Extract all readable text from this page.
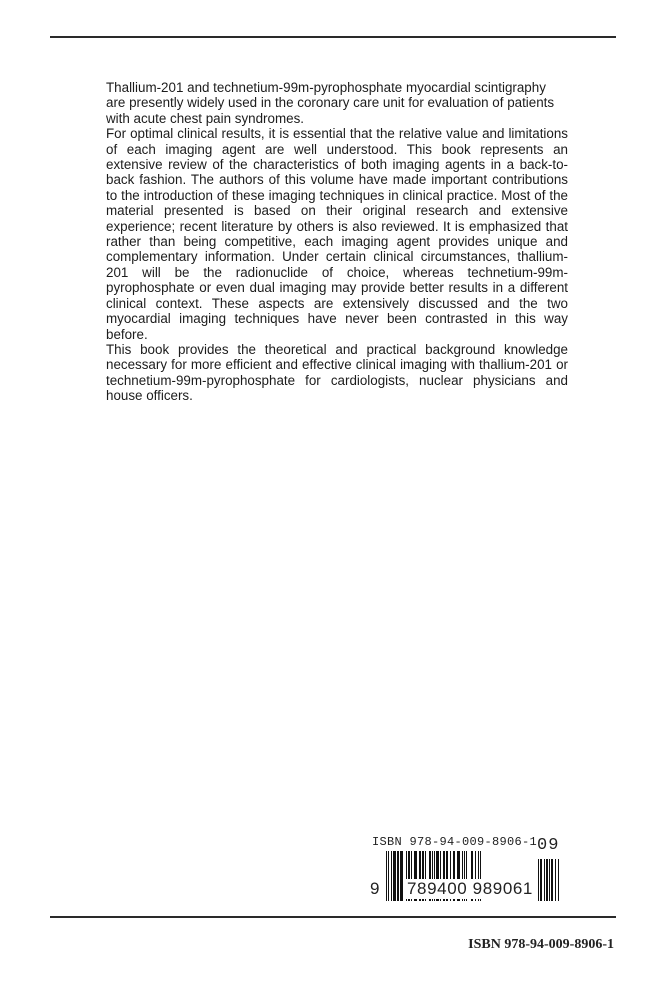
Thallium-201 and technetium-99m-pyrophosphate myocardial scintigraphy are presently widely used in the coronary care unit for evaluation of patients with acute chest pain syndromes.

For optimal clinical results, it is essential that the relative value and limitations of each imaging agent are well understood. This book represents an extensive review of the characteristics of both imaging agents in a back-to-back fashion. The authors of this volume have made important contributions to the introduction of these imaging techniques in clinical practice. Most of the material presented is based on their original research and extensive experience; recent literature by others is also reviewed. It is emphasized that rather than being competitive, each imaging agent provides unique and complementary information. Under certain clinical circumstances, thallium-201 will be the radionuclide of choice, whereas technetium-99m-pyrophosphate or even dual imaging may provide better results in a different clinical context. These aspects are extensively discussed and the two myocardial imaging techniques have never been contrasted in this way before.

This book provides the theoretical and practical background knowledge necessary for more efficient and effective clinical imaging with thallium-201 or technetium-99m-pyrophosphate for cardiologists, nuclear physicians and house officers.

ISBN 978-94-009-8906-1 09
9 789400 989061
ISBN 978-94-009-8906-1
